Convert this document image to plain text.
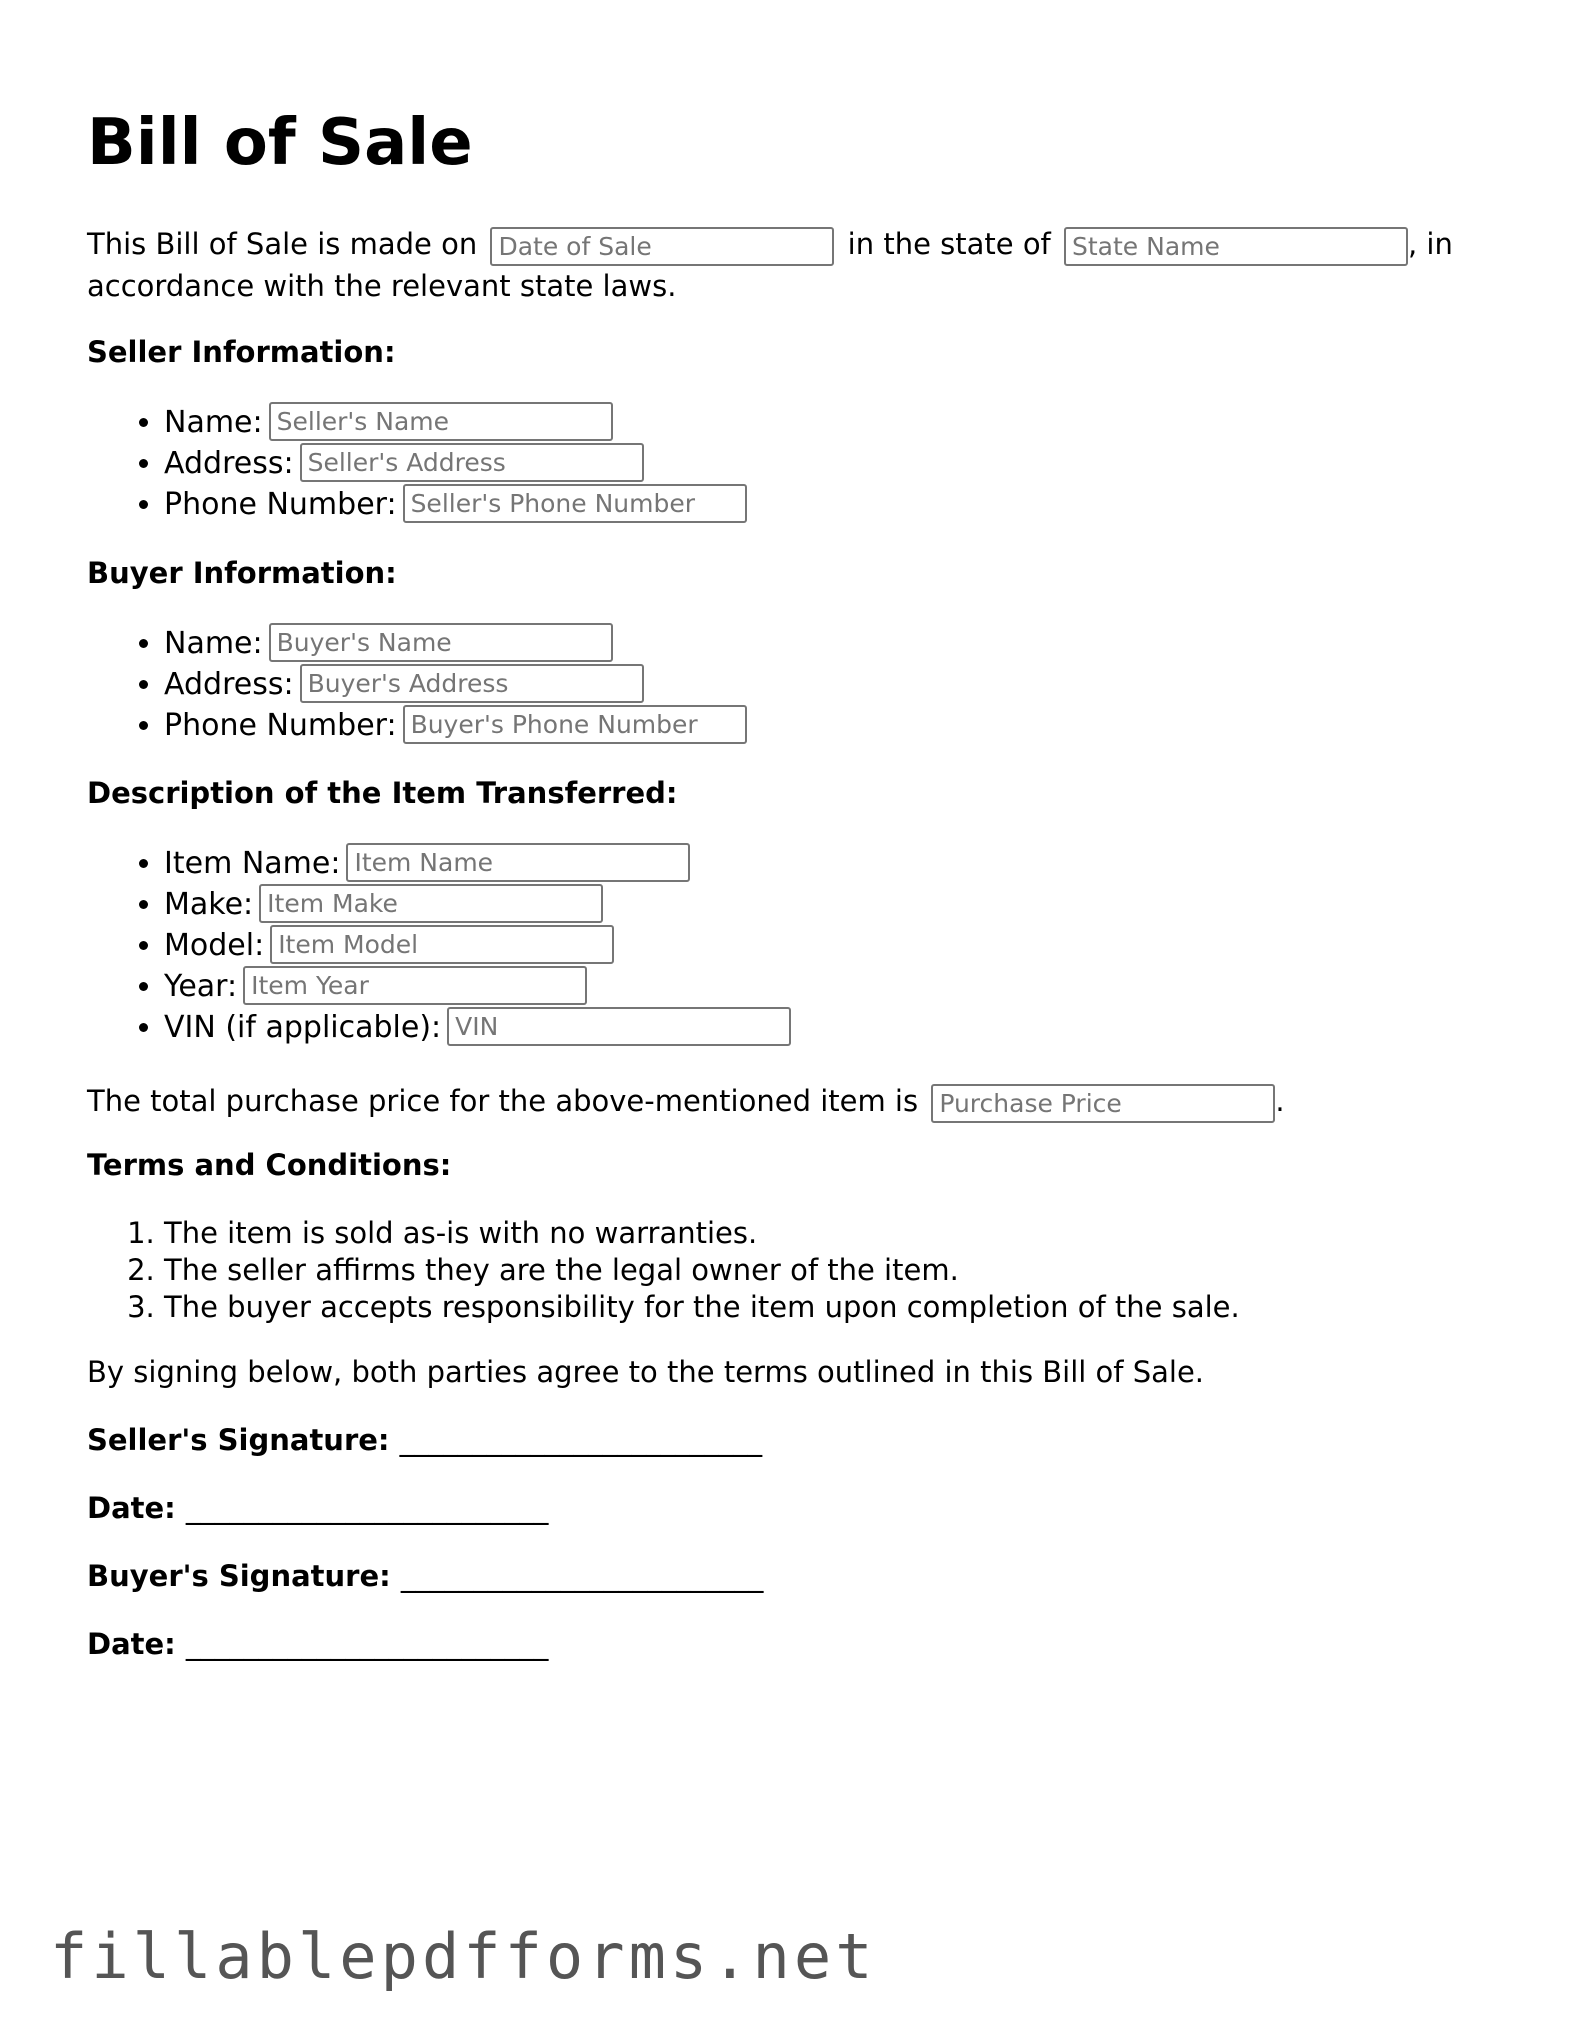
Bill of Sale
This Bill of Sale is made on Date of Sale	in the state of State Name	, in accordance with the relevant state laws.
Seller Information:
• Name:Seller's Name
• Address:Seller's Address
• Phone Number:Seller's Phone Number
Buyer Information:
• Name:Buyer's Name
• Address:Buyer's Address
• Phone Number:Buyer's Phone Number
Description of the Item Transferred:
• Item Name:Item Name
• Make:Item Make
• Model:Item Model
• Year:Item Year
• VIN (if applicable):VIN
The total purchase price for the above-mentioned item is Purchase Price	.
Terms and Conditions:
1. The item is sold as-is with no warranties.
2. The seller affirms they are the legal owner of the item.
3. The buyer accepts responsibility for the item upon completion of the sale.
By signing below, both parties agree to the terms outlined in this Bill of Sale.
Seller's Signature: _________________________
Date: _________________________
Buyer's Signature: _________________________
Date: _________________________
fillablepdfforms.net
